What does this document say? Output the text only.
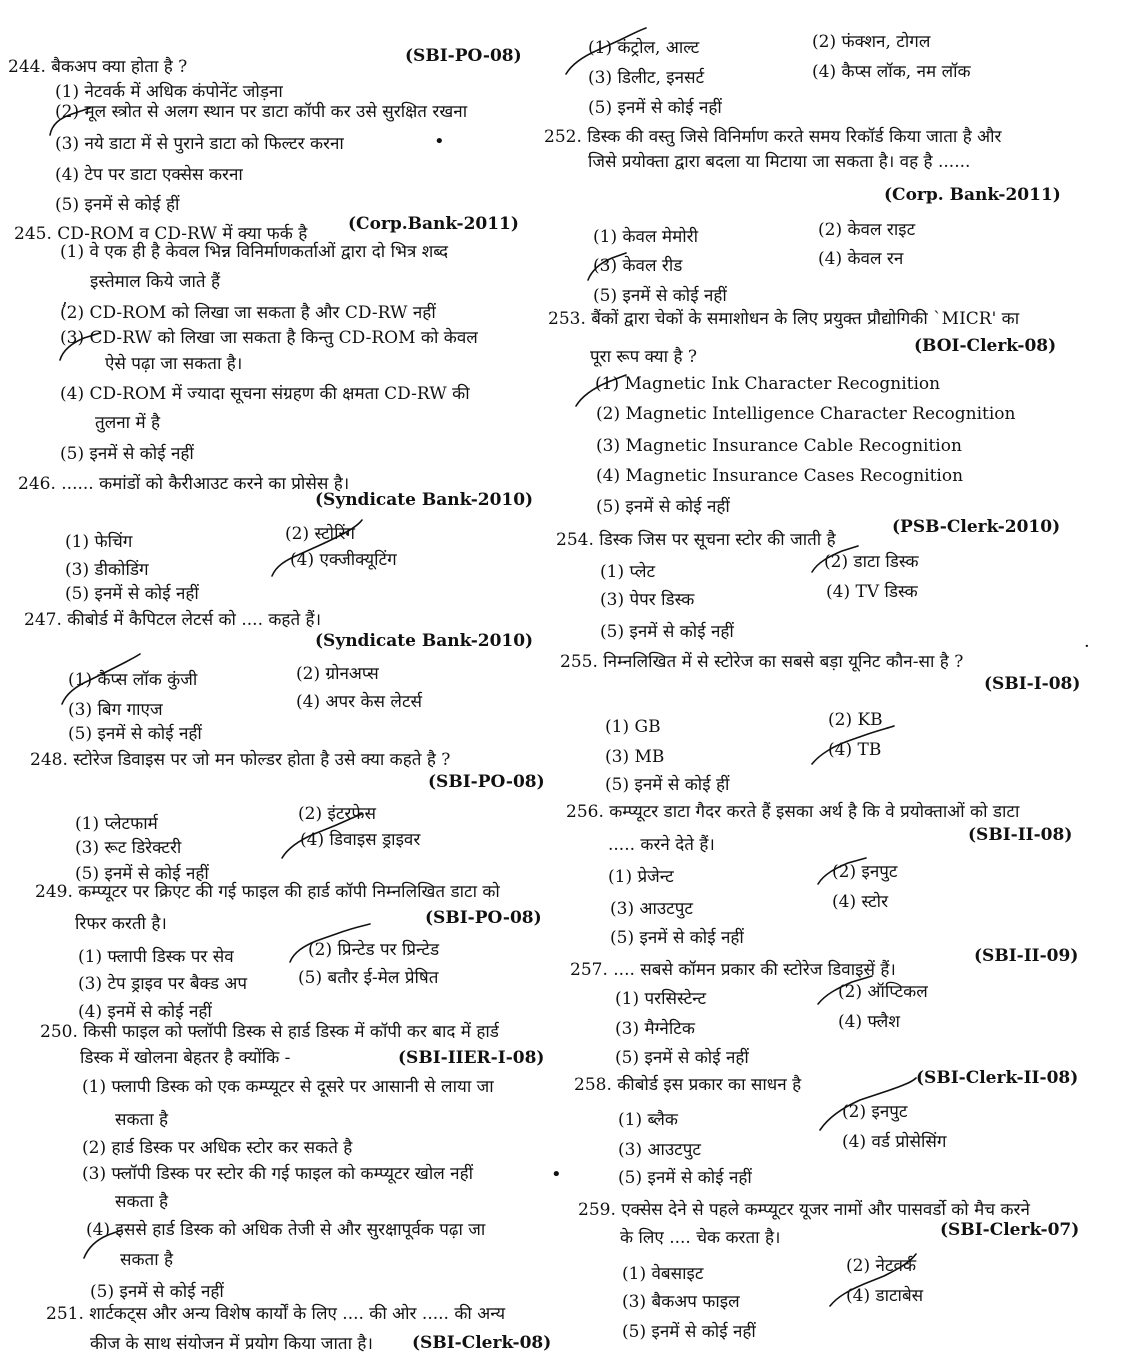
244. बैकअप क्या होता है ?
(SBI-PO-08)
(1) नेटवर्क में अधिक कंपोनेंट जोड़ना
(2) मूल स्त्रोत से अलग स्थान पर डाटा कॉपी कर उसे सुरक्षित रखना
(3) नये डाटा में से पुराने डाटा को फिल्टर करना
(4) टेप पर डाटा एक्सेस करना
(5) इनमें से कोई हीं
245. CD-ROM व CD-RW में क्या फर्क है (Corp.Bank-2011)
(1) वे एक ही है केवल भिन्न विनिर्माणकर्ताओं द्वारा दो भित्र शब्द
इस्तेमाल किये जाते हैं
(2) CD-ROM को लिखा जा सकता है और CD-RW नहीं
(3) CD-RW को लिखा जा सकता है किन्तु CD-ROM को केवल
ऐसे पढ़ा जा सकता है।
(4) CD-ROM में ज्यादा सूचना संग्रहण की क्षमता CD-RW की
तुलना में है
(5) इनमें से कोई नहीं
246. ...... कमांडों को कैरीआउट करने का प्रोसेस है।
(Syndicate Bank-2010)
(1) फेचिंग	(2) स्टोरिंग
(3) डीकोडिंग	(4) एक्जीक्यूटिंग
(5) इनमें से कोई नहीं
247. कीबोर्ड में कैपिटल लेटर्स को .... कहते हैं।
(Syndicate Bank-2010)
(1) कैप्स लॉक कुंजी	(2) ग्रोनअप्स
(3) बिग गाएज	(4) अपर केस लेटर्स
(5) इनमें से कोई नहीं
248. स्टोरेज डिवाइस पर जो मन फोल्डर होता है उसे क्या कहते है ?
(SBI-PO-08)
(1) प्लेटफार्म	(2) इंटरफेस
(3) रूट डिरेक्टरी	(4) डिवाइस ड्राइवर
(5) इनमें से कोई नहीं
249. कम्प्यूटर पर क्रिएट की गई फाइल की हार्ड कॉपी निम्नलिखित डाटा को
रिफर करती है।	(SBI-PO-08)
(1) फ्लापी डिस्क पर सेव	(2) प्रिन्टेड पर प्रिन्टेड
(3) टेप ड्राइव पर बैक्ड अप	(5) बतौर ई-मेल प्रेषित
(4) इनमें से कोई नहीं
250. किसी फाइल को फ्लॉपी डिस्क से हार्ड डिस्क में कॉपी कर बाद में हार्ड
डिस्क में खोलना बेहतर है क्योंकि -	(SBI-IIER-I-08)
(1) फ्लापी डिस्क को एक कम्प्यूटर से दूसरे पर आसानी से लाया जा
सकता है
(2) हार्ड डिस्क पर अधिक स्टोर कर सकते है
(3) फ्लॉपी डिस्क पर स्टोर की गई फाइल को कम्प्यूटर खोल नहीं
सकता है
(4) इससे हार्ड डिस्क को अधिक तेजी से और सुरक्षापूर्वक पढ़ा जा
सकता है
(5) इनमें से कोई नहीं
251. शार्टकट्स और अन्य विशेष कार्यों के लिए .... की ओर ..... की अन्य
कीज के साथ संयोजन में प्रयोग किया जाता है। (SBI-Clerk-08)
•
,
•
(1) कंट्रोल, आल्ट	(2) फंक्शन, टोगल
(3) डिलीट, इनसर्ट	(4) कैप्स लॉक, नम लॉक
(5) इनमें से कोई नहीं
252. डिस्क की वस्तु जिसे विनिर्माण करते समय रिकॉर्ड किया जाता है और
जिसे प्रयोक्ता द्वारा बदला या मिटाया जा सकता है। वह है ......
(Corp. Bank-2011)
(1) केवल मेमोरी	(2) केवल राइट
(3) केवल रीड	(4) केवल रन
(5) इनमें से कोई नहीं
253. बैंकों द्वारा चेकों के समाशोधन के लिए प्रयुक्त प्रौद्योगिकी `MICR' का
पूरा रूप क्या है ?
(BOI-Clerk-08)
(1) Magnetic Ink Character Recognition
(2) Magnetic Intelligence Character Recognition
(3) Magnetic Insurance Cable Recognition
(4) Magnetic Insurance Cases Recognition
(5) इनमें से कोई नहीं
254. डिस्क जिस पर सूचना स्टोर की जाती है
(PSB-Clerk-2010)
(1) प्लेट	(2) डाटा डिस्क
(3) पेपर डिस्क	(4) TV डिस्क
(5) इनमें से कोई नहीं
255. निम्नलिखित में से स्टोरेज का सबसे बड़ा यूनिट कौन-सा है ?
(SBI-I-08)
(1) GB	(2) KB
(3) MB	(4) TB
(5) इनमें से कोई हीं
256. कम्प्यूटर डाटा गैदर करते हैं इसका अर्थ है कि वे प्रयोक्ताओं को डाटा
..... करने देते हैं।	(SBI-II-08)
(1) प्रेजेन्ट	(2) इनपुट
(3) आउटपुट	(4) स्टोर
(5) इनमें से कोई नहीं
257. .... सबसे कॉमन प्रकार की स्टोरेज डिवाइसें हैं।
(SBI-II-09)
(1) परसिस्टेन्ट	(2) ऑप्टिकल
(3) मैग्नेटिक	(4) फ्लैश
(5) इनमें से कोई नहीं
258. कीबोर्ड इस प्रकार का साधन है	(SBI-Clerk-II-08)
(1) ब्लैक	(2) इनपुट
(3) आउटपुट	(4) वर्ड प्रोसेसिंग
(5) इनमें से कोई नहीं
259. एक्सेस देने से पहले कम्प्यूटर यूजर नामों और पासवर्डो को मैच करने
के लिए .... चेक करता है।	(SBI-Clerk-07)
(1) वेबसाइट	(2) नेटवर्क
(3) बैकअप फाइल	(4) डाटाबेस
(5) इनमें से कोई नहीं
·
